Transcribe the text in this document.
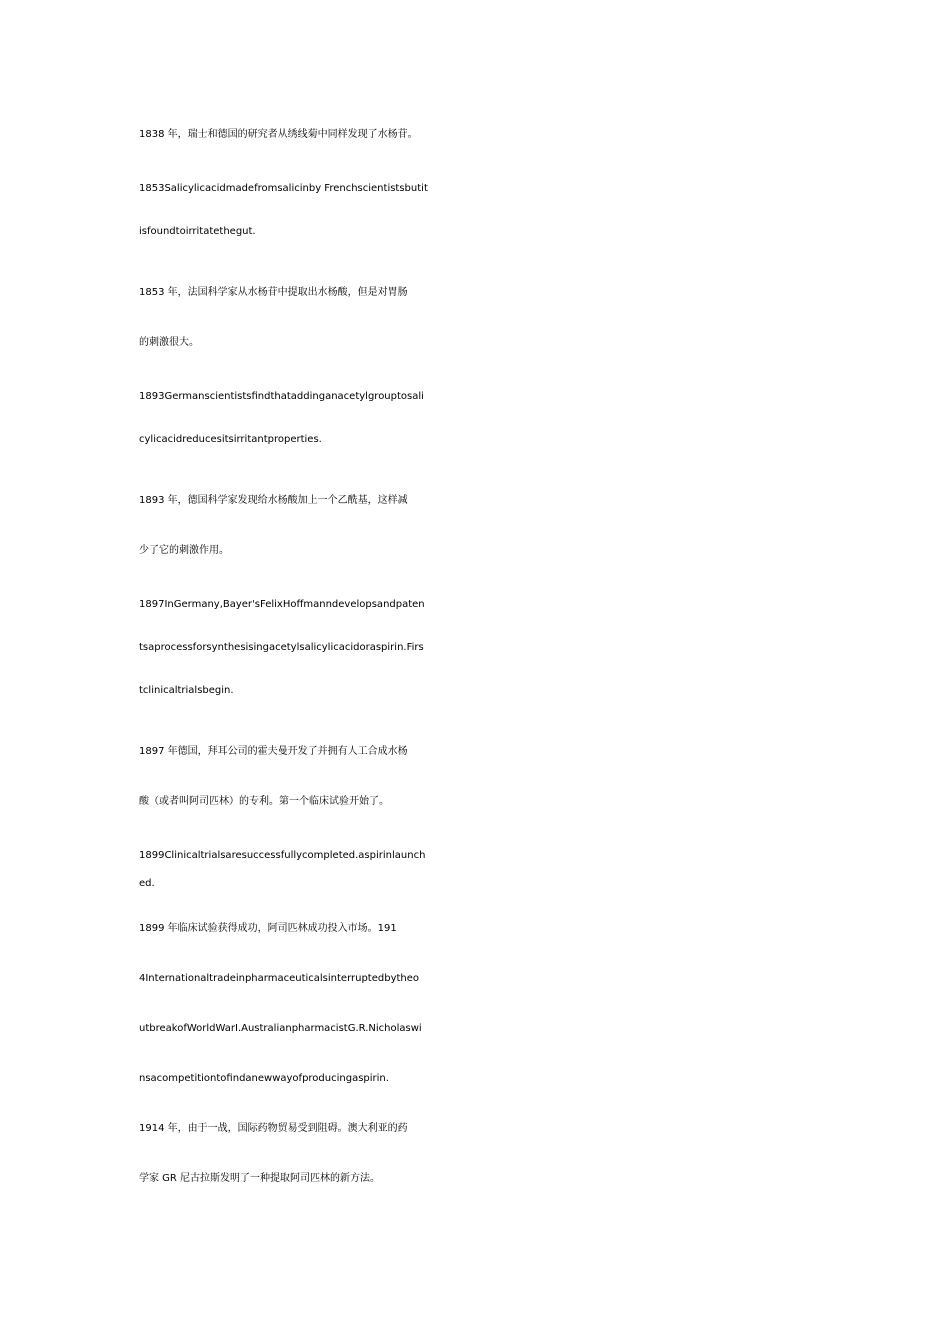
1838 年，瑞士和德国的研究者从绣线菊中同样发现了水杨苷。
1853Salicylicacidmadefromsalicinby Frenchscientistsbutit
isfoundtoirritatethegut.
1853 年，法国科学家从水杨苷中提取出水杨酸，但是对胃肠
的刺激很大。
1893Germanscientistsfindthataddinganacetylgrouptosali
cylicacidreducesitsirritantproperties.
1893 年，德国科学家发现给水杨酸加上一个乙酰基，这样减
少了它的刺激作用。
1897InGermany,Bayer'sFelixHoffmanndevelopsandpaten
tsaprocessforsynthesisingacetylsalicylicacidoraspirin.Firs
tclinicaltrialsbegin.
1897 年德国，拜耳公司的霍夫曼开发了并拥有人工合成水杨
酸（或者叫阿司匹林）的专利。第一个临床试验开始了。
1899Clinicaltrialsaresuccessfullycompleted.aspirinlaunch
ed.
1899 年临床试验获得成功，阿司匹林成功投入市场。191
4Internationaltradeinpharmaceuticalsinterruptedbytheo
utbreakofWorldWarI.AustralianpharmacistG.R.Nicholaswi
nsacompetitiontofindanewwayofproducingaspirin.
1914 年，由于一战，国际药物贸易受到阻碍。澳大利亚的药
学家 GR 尼古拉斯发明了一种提取阿司匹林的新方法。
